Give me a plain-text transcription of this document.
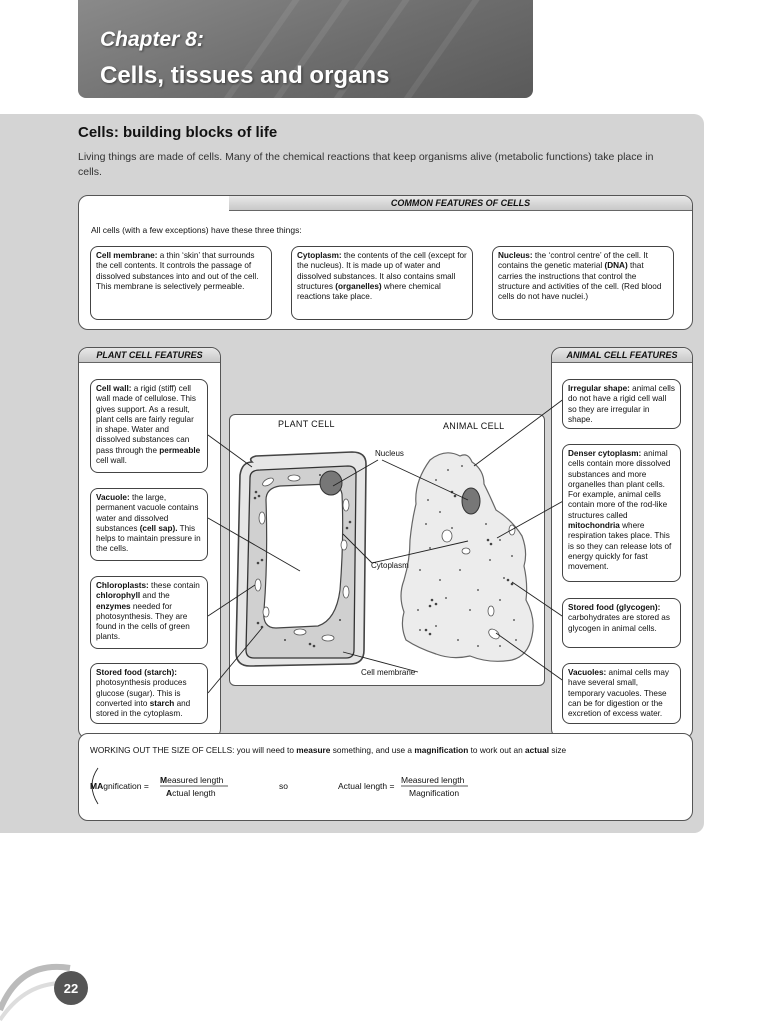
Chapter 8:
Cells, tissues and organs
Cells: building blocks of life
Living things are made of cells. Many of the chemical reactions that keep organisms alive (metabolic functions) take place in cells.
COMMON FEATURES OF CELLS
All cells (with a few exceptions) have these three things:
Cell membrane: a thin ‘skin’ that surrounds the cell contents. It controls the passage of dissolved substances into and out of the cell. This membrane is selectively permeable.
Cytoplasm: the contents of the cell (except for the nucleus). It is made up of water and dissolved substances. It also contains small structures (organelles) where chemical reactions take place.
Nucleus: the ‘control centre’ of the cell. It contains the genetic material (DNA) that carries the instructions that control the structure and activities of the cell. (Red blood cells do not have nuclei.)
PLANT CELL FEATURES	ANIMAL CELL FEATURES
WORKING OUT THE SIZE OF CELLS: you will need to measure something, and use a magnification to work out an actual size
PLANT CELL	ANIMAL CELL
Nucleus
Cytoplasm
Cell membrane
Cell wall: a rigid (stiff) cell wall made of cellulose. This gives support. As a result, plant cells are fairly regular in shape. Water and dissolved substances can pass through the permeable cell wall.
Vacuole: the large, permanent vacuole contains water and dissolved substances (cell sap). This helps to maintain pressure in the cells.
Chloroplasts: these contain chlorophyll and the enzymes needed for photosynthesis. They are found in the cells of green plants.
Stored food (starch): photosynthesis produces glucose (sugar). This is converted into starch and stored in the cytoplasm.
Irregular shape: animal cells do not have a rigid cell wall so they are irregular in shape.
Denser cytoplasm: animal cells contain more dissolved substances and more organelles than plant cells. For example, animal cells contain more of the rod-like structures called mitochondria where respiration takes place. This is so they can release lots of energy quickly for fast movement.
Stored food (glycogen): carbohydrates are stored as glycogen in animal cells.
Vacuoles: animal cells may have several small, temporary vacuoles. These can be for digestion or the excretion of excess water.
MAgnification =
Measured length
Actual length
so	Actual length =
Measured length
Magnification
22
